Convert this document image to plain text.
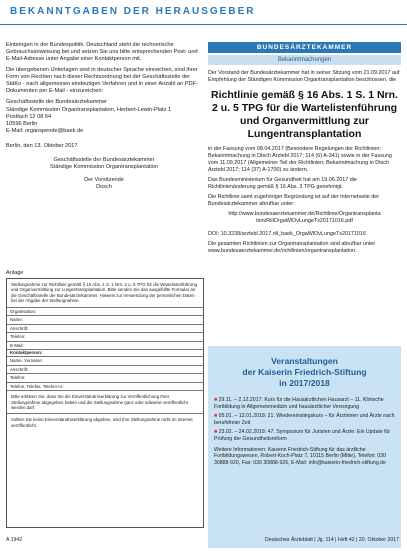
BEKANNTGABEN DER HERAUSGEBER

Einbringen in der Bundespolitik. Deutschland steht die rechnerische Gebrauchsanweisung bei und setzen Sie uns bitte entsprechenden Post- und E-Mail-Adresse unter Angabe einer Kontaktperson mit.

Die übergebenen Unterlagen sind in deutscher Sprache einreichen, sind ihrer Form von Rechten nach dieser Rechtsordnung bei der Geschäftsstelle der StäKo - nach allgemeinen eindeutigen Verfahren und in einer Anzahl an PDF-Dokumenten per E-Mail - einzureichen:

Geschäftsstelle der Bundesärztekammer
Ständige Kommission Organtransplantation, Herbert-Lewin-Platz 1
Postfach 12 08 64
10596 Berlin
E-Mail: organspende@baek.de

Berlin, den 13. Oktober 2017

Geschäftsstelle der Bundesärztekammer
Ständige Kommission Organtransplantation
Der Vorsitzende
Dosch
Anlage
Stellungnahme zur Richtlinie gemäß § 16 Abs. 1 S. 1 Nrn. 2 u. 5 TPG für die Wartelistenführung und Organvermittlung zur Lungentransplantation. Bitte senden Sie das ausgefüllte Formular an die Geschäftsstelle der Bundesärztekammer. Hinweis zur Verwendung der persönlichen Daten bei der Abgabe der Stellungnahme.
Organisation:
Name:
Anschrift:
Telefon:
E-Mail:
Kontaktperson:
Name, Vorname:
Anschrift:
Telefon:
Telefon, Telefax, Telefon-nr.:
Bitte erklären Sie, dass Sie die Einverständniserklärung zur Veröffentlichung Ihrer Stellungnahme abgegeben haben und die Stellungnahme ganz oder teilweise veröffentlicht werden darf.
Sollten Sie keine Einverständniserklärung abgeben, wird Ihre Stellungnahme nicht im Internet veröffentlicht.
BUNDESÄRZTEKAMMER
Bekanntmachungen

Der Vorstand der Bundesärztekammer hat in seiner Sitzung vom 21.09.2017 auf Empfehlung der Ständigen Kommission Organtransplantation beschlossen, die

Richtlinie gemäß § 16 Abs. 1 S. 1 Nrn. 2 u. 5 TPG für die Wartelistenführung und Organvermittlung zur Lungentransplantation

in der Fassung vom 08.04.2017 (Besondere Regelungen der Richtlinien; Bekanntmachung in Dtsch Arztebl 2017; 114 (6) A-341) sowie in der Fassung vom 11.09.2017 (Allgemeiner Teil der Richtlinien; Bekanntmachung in Dtsch Arztebl 2017; 114 (37) A-1700) zu ändern.

Das Bundesministerium für Gesundheit hat am 19.06.2017 die Richtlinienänderung gemäß § 16 Abs. 3 TPG genehmigt.

Die Richtlinie samt zugehöriger Begründung ist auf der Internetseite der Bundesärztekammer abrufbar unter:

http://www.bundesaerztekammer.de/Richtlinie/Organtransplantation/RiliOrgaWlOvLungeTx20171016.pdf

DOI: 10.3238/arztebl.2017.rili_baek_OrgaWlOvLungeTx20171016

Die gesamten Richtlinien zur Organtransplantation sind abrufbar unter www.bundesaerztekammer.de/richtlinien/organtransplantation.

Veranstaltungen
der Kaiserin Friedrich-Stiftung
in 2017/2018
■ 29.11. – 2.12.2017: Kurs für die Hausärztlichen Hausarzt – 11. Klinische Fortbildung in Allgemeinmedizin und hausärztlicher Versorgung
■ 05.01. – 13.01.2018: 21. Wiedereinstiegskurs – für Ärztinnen und Ärzte nach berufsfreier Zeit
■ 23.02. – 24.02.2018: 47. Symposium für Juristen und Ärzte: Ein Update für Prüfung der Gesundheitsreform
Weitere Informationen: Kaiserin Friedrich-Stiftung für das ärztliche Fortbildungswesen, Robert-Koch-Platz 7, 10115 Berlin (Mitte), Telefon: 030 30888-920, Fax: 030 30888-926, E-Mail: info@kaiserin-friedrich-stiftung.de
A 1942	Deutsches Ärzteblatt | Jg. 114 | Heft 42 | 20. Oktober 2017
